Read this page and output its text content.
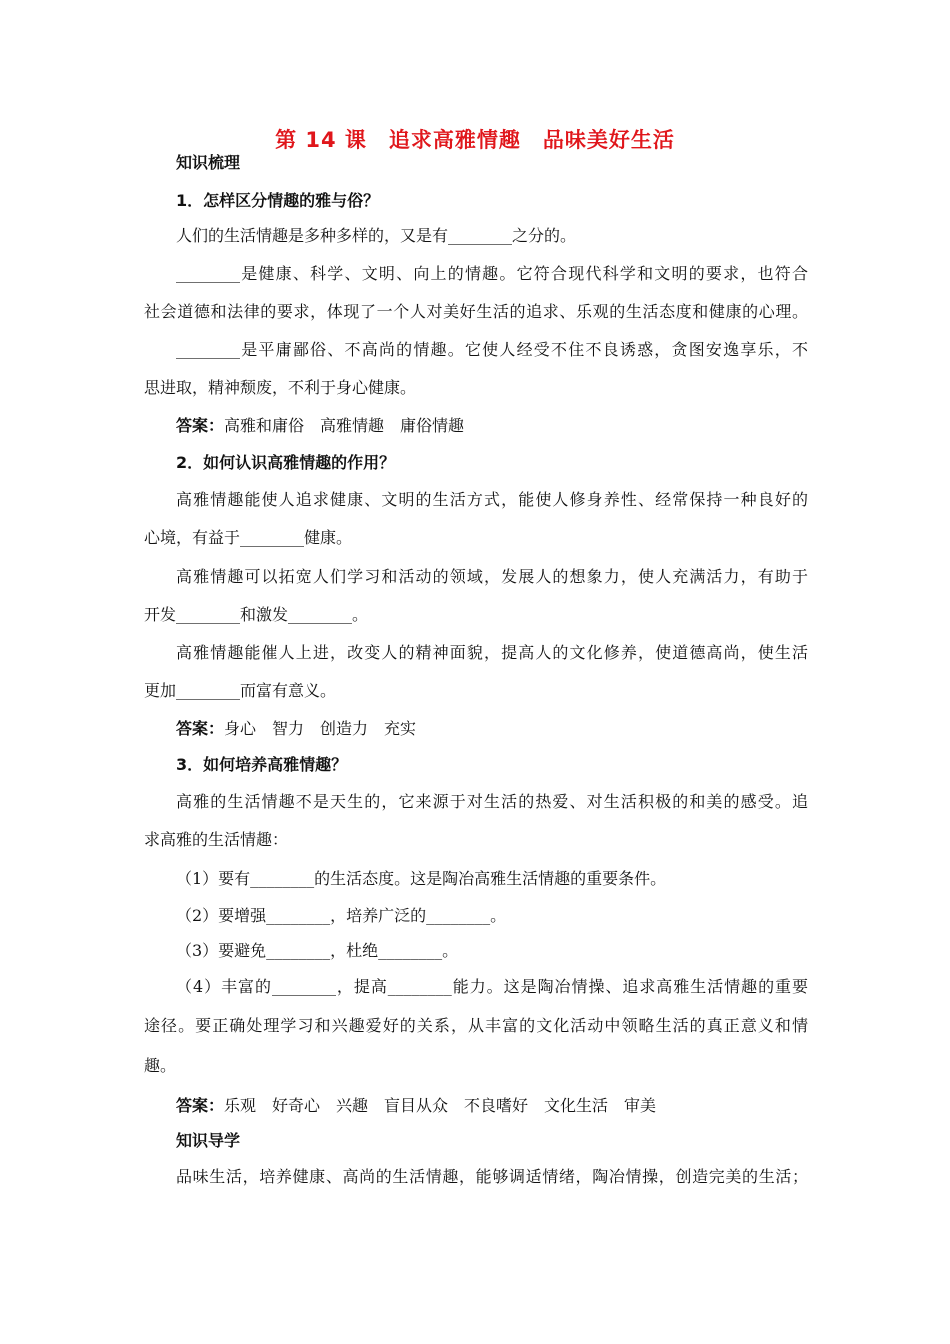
第 14 课　追求高雅情趣　品味美好生活
知识梳理
1．怎样区分情趣的雅与俗？
人们的生活情趣是多种多样的，又是有________之分的。
________是健康、科学、文明、向上的情趣。它符合现代科学和文明的要求，也符合
社会道德和法律的要求，体现了一个人对美好生活的追求、乐观的生活态度和健康的心理。
________是平庸鄙俗、不高尚的情趣。它使人经受不住不良诱惑，贪图安逸享乐，不
思进取，精神颓废，不利于身心健康。
答案：高雅和庸俗　高雅情趣　庸俗情趣
2．如何认识高雅情趣的作用？
高雅情趣能使人追求健康、文明的生活方式，能使人修身养性、经常保持一种良好的
心境，有益于________健康。
高雅情趣可以拓宽人们学习和活动的领域，发展人的想象力，使人充满活力，有助于
开发________和激发________。
高雅情趣能催人上进，改变人的精神面貌，提高人的文化修养，使道德高尚，使生活
更加________而富有意义。
答案：身心　智力　创造力　充实
3．如何培养高雅情趣？
高雅的生活情趣不是天生的，它来源于对生活的热爱、对生活积极的和美的感受。追
求高雅的生活情趣：
（1）要有________的生活态度。这是陶冶高雅生活情趣的重要条件。
（2）要增强________，培养广泛的________。
（3）要避免________，杜绝________。
（4）丰富的________，提高________能力。这是陶冶情操、追求高雅生活情趣的重要
途径。要正确处理学习和兴趣爱好的关系，从丰富的文化活动中领略生活的真正意义和情
趣。
答案：乐观　好奇心　兴趣　盲目从众　不良嗜好　文化生活　审美
知识导学
品味生活，培养健康、高尚的生活情趣，能够调适情绪，陶冶情操，创造完美的生活；
